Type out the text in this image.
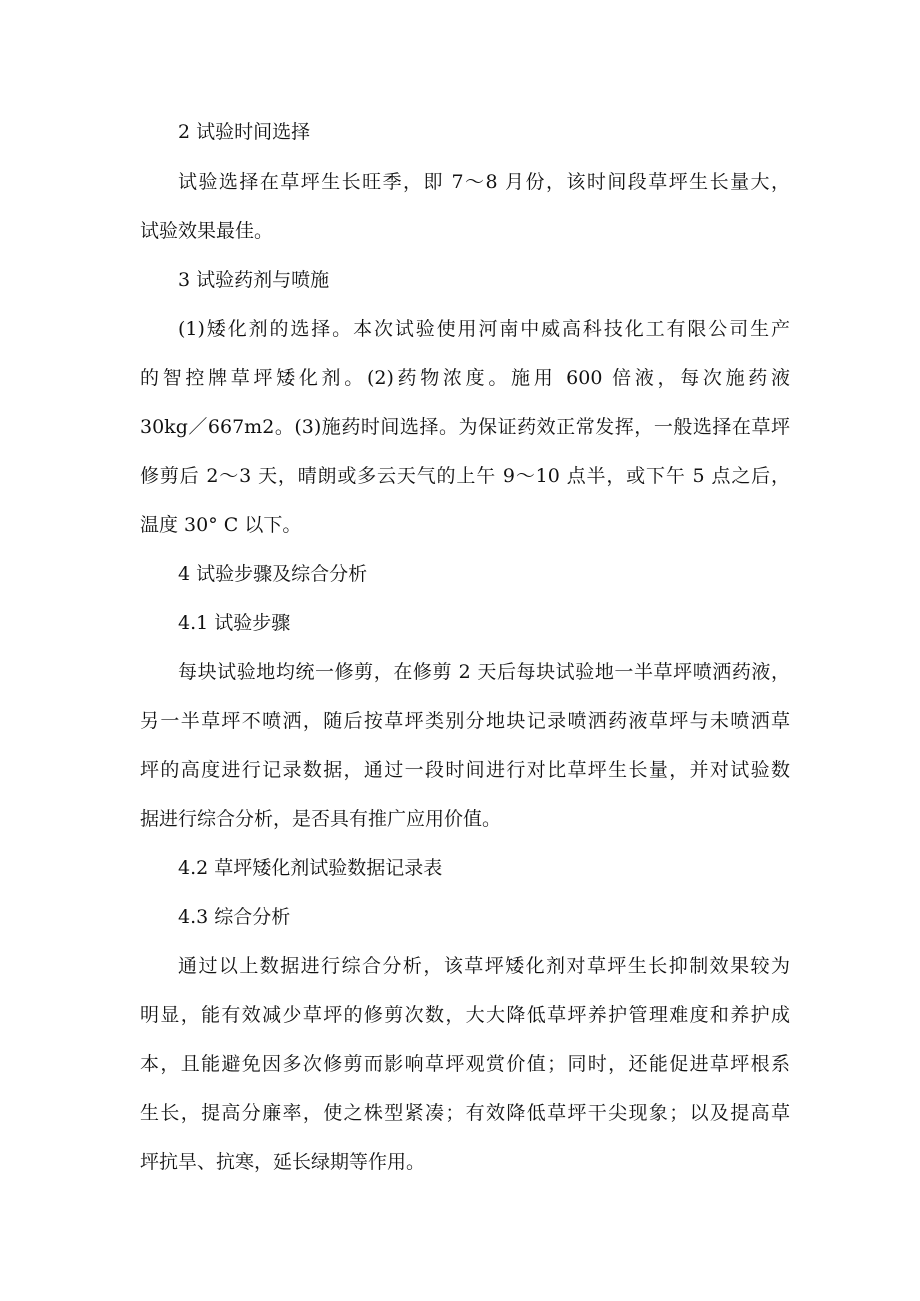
2 试验时间选择
试验选择在草坪生长旺季，即 7～8 月份，该时间段草坪生长量大，
试验效果最佳。
3 试验药剂与喷施
(1)矮化剂的选择。本次试验使用河南中威高科技化工有限公司生产
的智控牌草坪矮化剂。(2)药物浓度。施用 600 倍液，每次施药液
30kg／667m2。(3)施药时间选择。为保证药效正常发挥，一般选择在草坪
修剪后 2～3 天，晴朗或多云天气的上午 9～10 点半，或下午 5 点之后，
温度 30° C 以下。
4 试验步骤及综合分析
4.1 试验步骤
每块试验地均统一修剪，在修剪 2 天后每块试验地一半草坪喷洒药液，
另一半草坪不喷洒，随后按草坪类别分地块记录喷洒药液草坪与未喷洒草
坪的高度进行记录数据，通过一段时间进行对比草坪生长量，并对试验数
据进行综合分析，是否具有推广应用价值。
4.2 草坪矮化剂试验数据记录表
4.3 综合分析
通过以上数据进行综合分析，该草坪矮化剂对草坪生长抑制效果较为
明显，能有效减少草坪的修剪次数，大大降低草坪养护管理难度和养护成
本，且能避免因多次修剪而影响草坪观赏价值；同时，还能促进草坪根系
生长，提高分廉率，使之株型紧凑；有效降低草坪干尖现象；以及提高草
坪抗旱、抗寒，延长绿期等作用。
